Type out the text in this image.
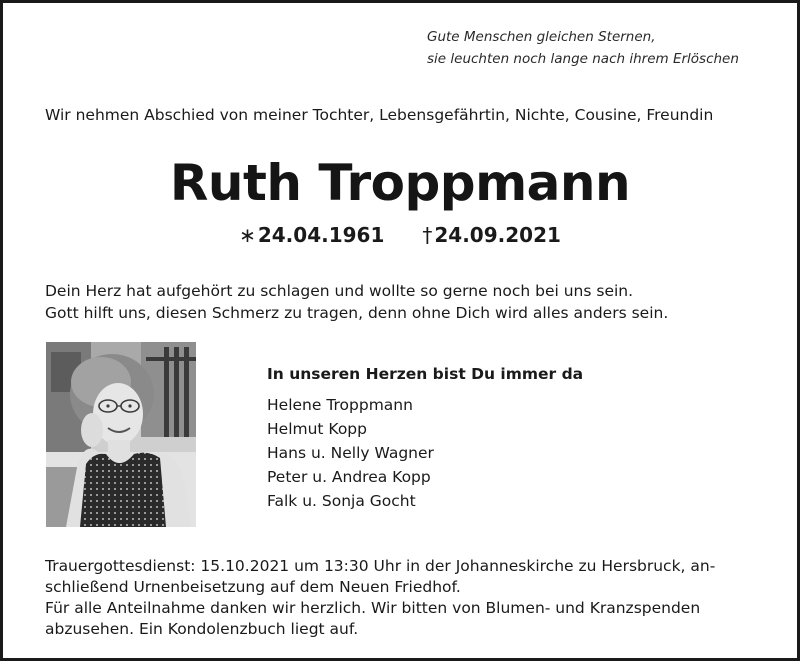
Gute Menschen gleichen Sternen,
sie leuchten noch lange nach ihrem Erlöschen
Wir nehmen Abschied von meiner Tochter, Lebensgefährtin, Nichte, Cousine, Freundin
Ruth Troppmann
∗ 24.04.1961 † 24.09.2021
Dein Herz hat aufgehört zu schlagen und wollte so gerne noch bei uns sein.
Gott hilft uns, diesen Schmerz zu tragen, denn ohne Dich wird alles anders sein.
In unseren Herzen bist Du immer da
Helene Troppmann
Helmut Kopp
Hans u. Nelly Wagner
Peter u. Andrea Kopp
Falk u. Sonja Gocht
Trauergottesdienst: 15.10.2021 um 13:30 Uhr in der Johanneskirche zu Hersbruck, an-
schließend Urnenbeisetzung auf dem Neuen Friedhof.
Für alle Anteilnahme danken wir herzlich. Wir bitten von Blumen- und Kranzspenden
abzusehen. Ein Kondolenzbuch liegt auf.
